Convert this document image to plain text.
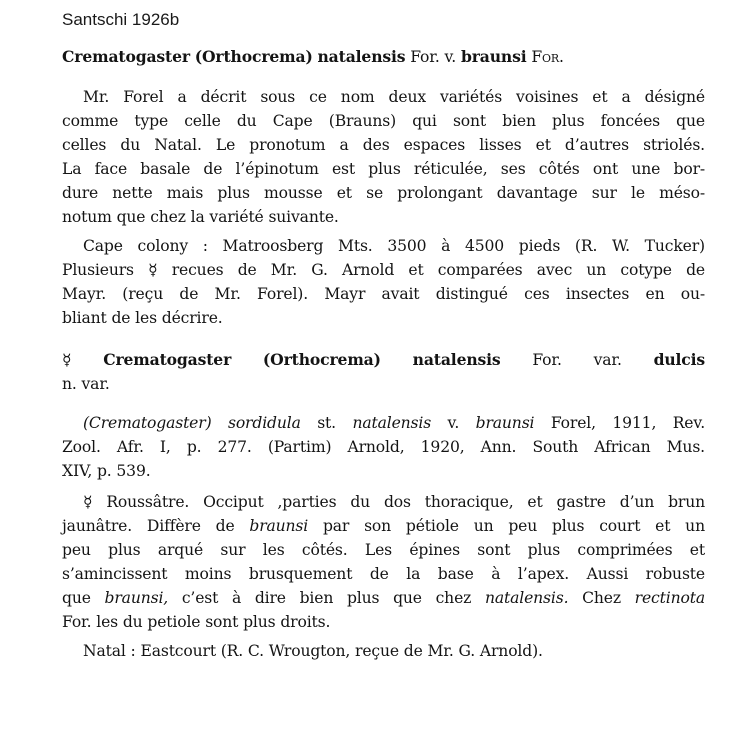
Santschi 1926b
Crematogaster (Orthocrema) natalensis For. v. braunsi For.
Mr. Forel a décrit sous ce nom deux variétés voisines et a désigné
comme type celle du Cape (Brauns) qui sont bien plus foncées que
celles du Natal. Le pronotum a des espaces lisses et d’autres striolés.
La face basale de l’épinotum est plus réticulée, ses côtés ont une bor-
dure nette mais plus mousse et se prolongant davantage sur le méso-
notum que chez la variété suivante.
Cape colony : Matroosberg Mts. 3500 à 4500 pieds (R. W. Tucker)
Plusieurs ☿ recues de Mr. G. Arnold et comparées avec un cotype de
Mayr. (reçu de Mr. Forel). Mayr avait distingué ces insectes en ou-
bliant de les décrire.
☿ Crematogaster (Orthocrema) natalensis For. var. dulcis
n. var.
(Crematogaster) sordidula st. natalensis v. braunsi Forel, 1911, Rev.
Zool. Afr. I, p. 277. (Partim) Arnold, 1920, Ann. South African Mus.
XIV, p. 539.
☿ Roussâtre. Occiput ,parties du dos thoracique, et gastre d’un brun
jaunâtre. Diffère de braunsi par son pétiole un peu plus court et un
peu plus arqué sur les côtés. Les épines sont plus comprimées et
s’amincissent moins brusquement de la base à l’apex. Aussi robuste
que braunsi, c’est à dire bien plus que chez natalensis. Chez rectinota
For. les du petiole sont plus droits.
Natal : Eastcourt (R. C. Wrougton, reçue de Mr. G. Arnold).
